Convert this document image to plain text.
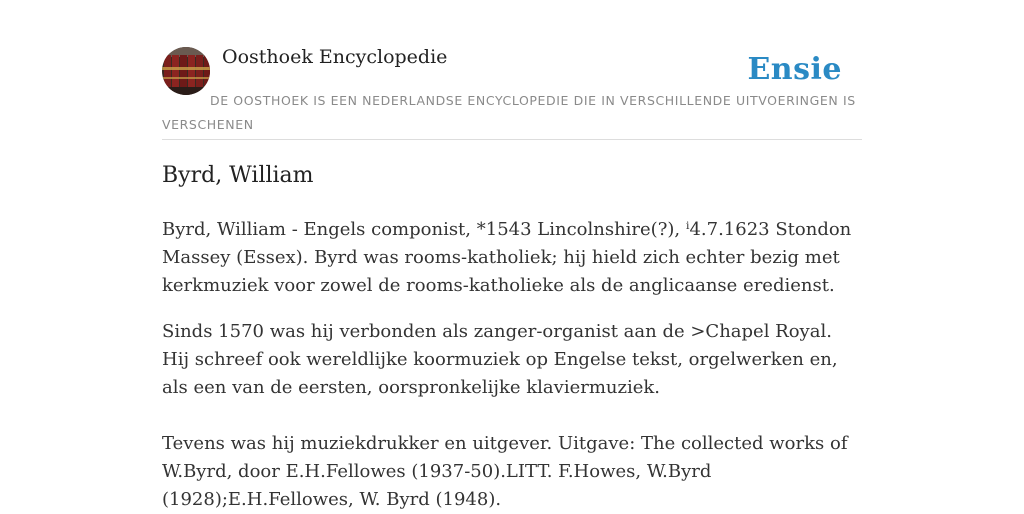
Oosthoek Encyclopedie	Ensie
DE OOSTHOEK IS EEN NEDERLANDSE ENCYCLOPEDIE DIE IN VERSCHILLENDE UITVOERINGEN IS VERSCHENEN
Byrd, William

Byrd, William - Engels componist, *1543 Lincolnshire(?), ⁱ4.7.1623 Stondon Massey (Essex). Byrd was rooms-katholiek; hij hield zich echter bezig met kerkmuziek voor zowel de rooms-katholieke als de anglicaanse eredienst.

Sinds 1570 was hij verbonden als zanger-organist aan de >Chapel Royal. Hij schreef ook wereldlijke koormuziek op Engelse tekst, orgelwerken en, als een van de eersten, oorspronkelijke klaviermuziek.

Tevens was hij muziekdrukker en uitgever. Uitgave: The collected works of W.Byrd, door E.H.Fellowes (1937-50).LITT. F.Howes, W.Byrd (1928);E.H.Fellowes, W. Byrd (1948).
